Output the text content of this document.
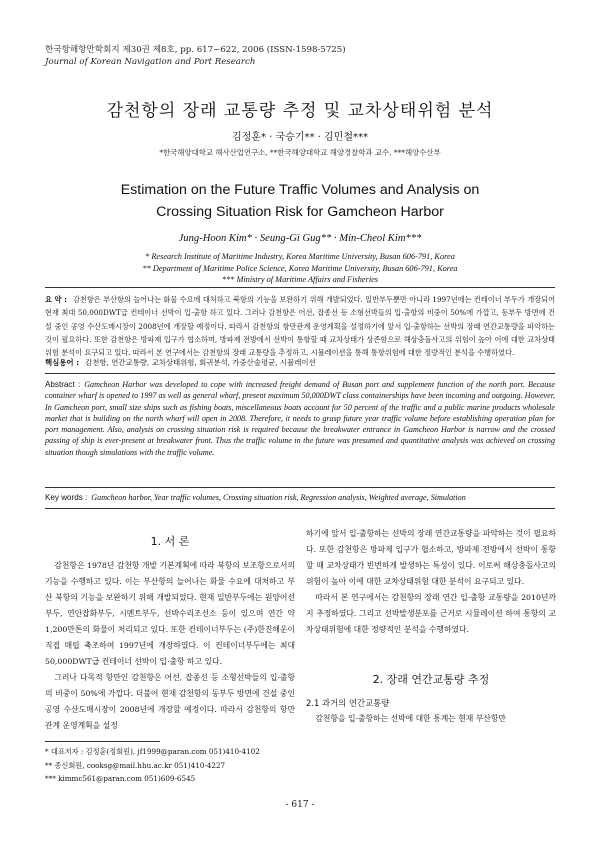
한국항해항만학회지 제30권 제8호, pp. 617~622, 2006 (ISSN-1598-5725)
Journal of Korean Navigation and Port Research
감천항의 장래 교통량 추정 및 교차상태위험 분석
김정훈* · 국승기** · 김민철***
*한국해양대학교 해사산업연구소, **한국해양대학교 해양경찰학과 교수, ***해양수산부
Estimation on the Future Traffic Volumes and Analysis on
Crossing Situation Risk for Gamcheon Harbor
Jung-Hoon Kim* · Seung-Gi Gug** · Min-Cheol Kim***
* Research Institute of Maritime Industry, Korea Maritime University, Busan 606-791, Korea
** Department of Maritime Police Science, Korea Maritime University, Busan 606-791, Korea
*** Ministry of Maritime Affairs and Fisheries
요 약 : 감천항은 부산항의 늘어나는 화물 수요에 대처하고 북항의 기능을 보완하기 위해 개발되었다. 일반부두뿐만 아니라 1997년에는 컨테이너 부두가 개장되어 현재 최대 50,000DWT급 컨테이너 선박이 입·출항 하고 있다. 그러나 감천항은 어선, 잡종선 등 소형선박들의 입·출항의 비중이 50%에 가깝고, 동부두 방면에 건설 중인 공영 수산도매시장이 2008년에 개장할 예정이다. 따라서 감천항의 항만관계 운영계획을 설정하기에 앞서 입·출항하는 선박의 장래 연간교통량을 파악하는 것이 필요하다. 또한 감천항은 방파제 입구가 협소하며, 방파제 전방에서 선박이 통항할 때 교차상태가 상존함으로 해상충돌사고의 위험이 높아 이에 대한 교차상태위험 분석이 요구되고 있다. 따라서 본 연구에서는 감천항의 장래 교통량을 추정하고, 시뮬레이션을 통해 통항위험에 대한 정량적인 분석을 수행하였다.
핵심용어 : 감천항, 연간교통량, 교차상태위험, 회귀분석, 가중산술평균, 시뮬레이션
Abstract : Gamcheon Harbor was developed to cope with increased freight demand of Busan port and supplement function of the north port. Because container wharf is opened to 1997 as well as general wharf, present maximum 50,000DWT class containerships have been incoming and outgoing. However, In Gamcheon port, small size ships such as fishing boats, miscellaneous boats account for 50 percent of the traffic and a public marine products wholesale market that is building on the north wharf will open in 2008. Therefore, it needs to grasp future year traffic volume before establishing operation plan for port management. Also, analysis on crossing situation risk is required because the breakwater entrance in Gamcheon Harbor is narrow and the crossed passing of ship is ever-present at breakwater front. Thus the traffic volume in the future was presumed and quantitative analysis was achieved on crossing situation though simulations with the traffic volume.
Key words : Gamcheon harbor, Year traffic volumes, Crossing situation risk, Regression analysis, Weighted average, Simulation
1. 서 론
감천항은 1978년 감천항 개발 기본계획에 따라 북항의 보조항으로서의 기능을 수행하고 있다. 이는 부산항의 늘어나는 화물 수요에 대처하고 부산 북항의 기능을 보완하기 위해 개발되었다. 현재 일반부두에는 원양어선부두, 연안잡화부두, 시멘트부두, 선박수리조선소 등이 있으며 연간 약 1,200만톤의 화물이 처리되고 있다. 또한 컨테이너부두는 (주)한진해운이 직접 매립 축조하여 1997년에 개장하였다. 이 컨테이너부두에는 최대 50,000DWT급 컨테이너 선박이 입·출항 하고 있다.
그러나 다목적 항만인 감천항은 어선, 잡종선 등 소형선박들의 입·출항의 비중이 50%에 가깝다. 더불어 현재 감천항의 동부두 방면에 건설 중인 공영 수산도매시장이 2008년에 개장할 예정이다. 따라서 감천항의 항만관계 운영계획을 설정
하기에 앞서 입·출항하는 선박의 장래 연간교통량을 파악하는 것이 필요하다. 또한 감천항은 방파제 입구가 협소하고, 방파제 전방에서 선박이 통항할 때 교차상태가 빈번하게 발생하는 특성이 있다. 이로써 해상충돌사고의 위험이 높아 이에 대한 교차상태위험 대한 분석이 요구되고 있다.
따라서 본 연구에서는 감천항의 장래 연간 입·출항 교통량을 2010년까지 추정하였다. 그리고 선박발생분포를 근거로 시뮬레이션 하여 통항의 교차상태위험에 대한 정량적인 분석을 수행하였다.
2. 장래 연간교통량 추정
2.1 과거의 연간교통량
감천항을 입·출항하는 선박에 대한 통계는 현재 부산항만
* 대표저자 : 김정훈(정회원), jf1999@paran.com 051)410-4102
** 종신회원, cooksg@mail.hhu.ac.kr 051)410-4227
*** kimmc561@paran.com 051)609-6545
- 617 -
